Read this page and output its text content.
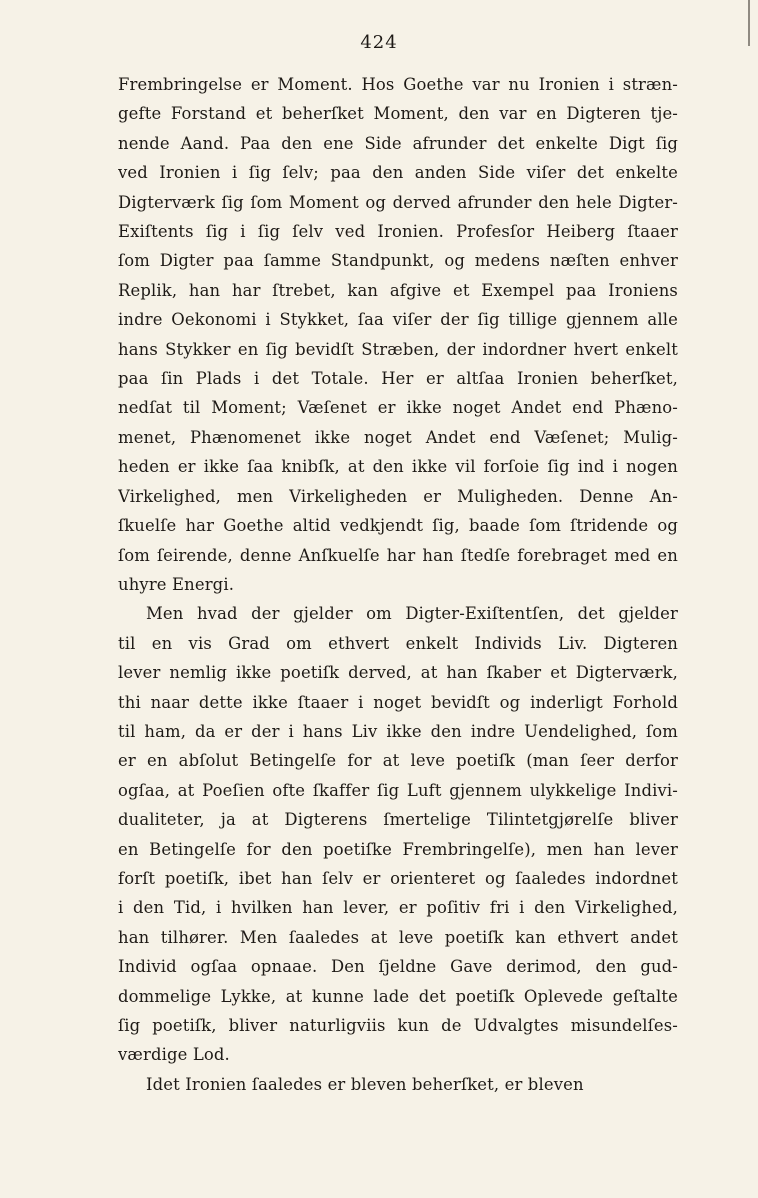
424
Frembringelse er Moment. Hos Goethe var nu Ironien i stræn-
gefte Forstand et beherſket Moment, den var en Digteren tje-
nende Aand. Paa den ene Side afrunder det enkelte Digt ſig
ved Ironien i ſig ſelv; paa den anden Side viſer det enkelte
Digterværk ſig ſom Moment og derved afrunder den hele Digter-
Exiſtents ſig i ſig ſelv ved Ironien. Profesſor Heiberg ſtaaer
ſom Digter paa ſamme Standpunkt, og medens næſten enhver
Replik, han har ſtrebet, kan afgive et Exempel paa Ironiens
indre Oekonomi i Stykket, ſaa viſer der ſig tillige gjennem alle
hans Stykker en ſig bevidſt Stræben, der indordner hvert enkelt
paa ſin Plads i det Totale. Her er altſaa Ironien beherſket,
nedſat til Moment; Væſenet er ikke noget Andet end Phæno-
menet, Phænomenet ikke noget Andet end Væſenet; Mulig-
heden er ikke ſaa knibſk, at den ikke vil forſoie ſig ind i nogen
Virkelighed, men Virkeligheden er Muligheden. Denne An-
ſkuelſe har Goethe altid vedkjendt ſig, baade ſom ſtridende og
ſom ſeirende, denne Anſkuelſe har han ſtedſe forebraget med en
uhyre Energi.
Men hvad der gjelder om Digter-Exiſtentſen, det gjelder
til en vis Grad om ethvert enkelt Individs Liv. Digteren
lever nemlig ikke poetiſk derved, at han ſkaber et Digterværk,
thi naar dette ikke ſtaaer i noget bevidſt og inderligt Forhold
til ham, da er der i hans Liv ikke den indre Uendelighed, ſom
er en abſolut Betingelſe for at leve poetiſk (man ſeer derfor
ogſaa, at Poeſien ofte ſkaffer ſig Luft gjennem ulykkelige Indivi-
dualiteter, ja at Digterens ſmertelige Tilintetgjørelſe bliver
en Betingelſe for den poetiſke Frembringelſe), men han lever
forſt poetiſk, ibet han ſelv er orienteret og ſaaledes indordnet
i den Tid, i hvilken han lever, er poſitiv fri i den Virkelighed,
han tilhører. Men ſaaledes at leve poetiſk kan ethvert andet
Individ ogſaa opnaae. Den ſjeldne Gave derimod, den gud-
dommelige Lykke, at kunne lade det poetiſk Oplevede geſtalte
ſig poetiſk, bliver naturligviis kun de Udvalgtes misundelſes-
værdige Lod.
Idet Ironien ſaaledes er bleven beherſket, er bleven
